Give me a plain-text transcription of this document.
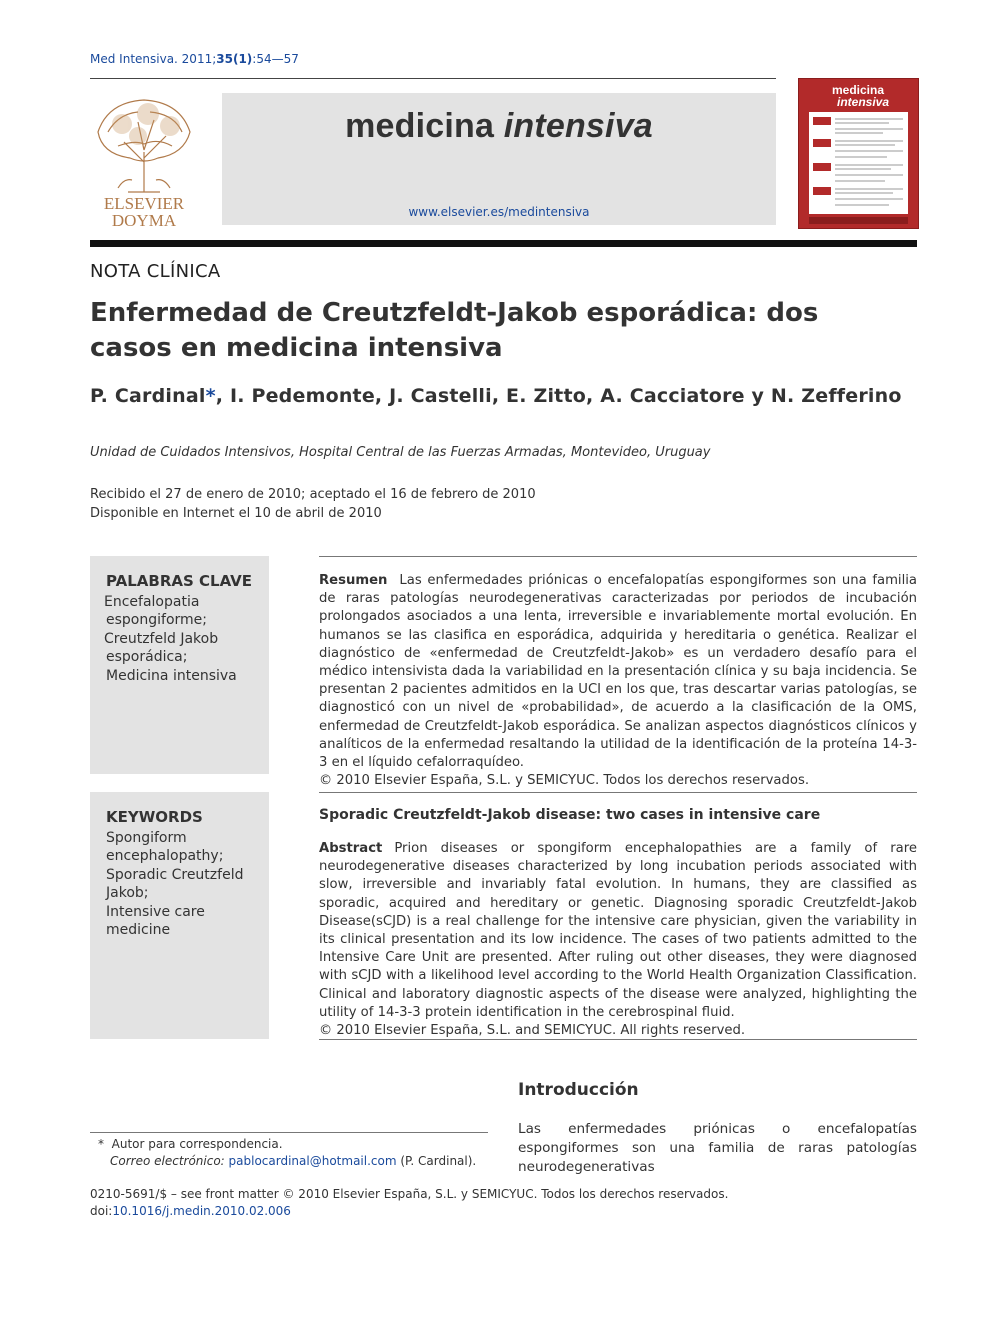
Med Intensiva. 2011;35(1):54—57
ELSEVIER
DOYMA
medicina intensiva
www.elsevier.es/medintensiva
medicina
intensiva
NOTA CLÍNICA
Enfermedad de Creutzfeldt-Jakob esporádica: dos casos en medicina intensiva
P. Cardinal*, I. Pedemonte, J. Castelli, E. Zitto, A. Cacciatore y N. Zefferino
Unidad de Cuidados Intensivos, Hospital Central de las Fuerzas Armadas, Montevideo, Uruguay
Recibido el 27 de enero de 2010; aceptado el 16 de febrero de 2010
Disponible en Internet el 10 de abril de 2010
PALABRAS CLAVE
Encefalopatia
espongiforme;
Creutzfeld Jakob
esporádica;
Medicina intensiva
KEYWORDS
Spongiform
encephalopathy;
Sporadic Creutzfeld
Jakob;
Intensive care
medicine
Resumen Las enfermedades priónicas o encefalopatías espongiformes son una familia de raras patologías neurodegenerativas caracterizadas por periodos de incubación prolongados asociados a una lenta, irreversible e invariablemente mortal evolución. En humanos se las clasifica en esporádica, adquirida y hereditaria o genética. Realizar el diagnóstico de «enfermedad de Creutzfeldt-Jakob» es un verdadero desafío para el médico intensivista dada la variabilidad en la presentación clínica y su baja incidencia. Se presentan 2 pacientes admitidos en la UCI en los que, tras descartar varias patologías, se diagnosticó con un nivel de «probabilidad», de acuerdo a la clasificación de la OMS, enfermedad de Creutzfeldt-Jakob esporádica. Se analizan aspectos diagnósticos clínicos y analíticos de la enfermedad resaltando la utilidad de la identificación de la proteína 14-3-3 en el líquido cefalorraquídeo.
© 2010 Elsevier España, S.L. y SEMICYUC. Todos los derechos reservados.
Sporadic Creutzfeldt-Jakob disease: two cases in intensive care
Abstract Prion diseases or spongiform encephalopathies are a family of rare neurodegenerative diseases characterized by long incubation periods associated with slow, irreversible and invariably fatal evolution. In humans, they are classified as sporadic, acquired and hereditary or genetic. Diagnosing sporadic Creutzfeldt-Jakob Disease(sCJD) is a real challenge for the intensive care physician, given the variability in its clinical presentation and its low incidence. The cases of two patients admitted to the Intensive Care Unit are presented. After ruling out other diseases, they were diagnosed with sCJD with a likelihood level according to the World Health Organization Classification. Clinical and laboratory diagnostic aspects of the disease were analyzed, highlighting the utility of 14-3-3 protein identification in the cerebrospinal fluid.
© 2010 Elsevier España, S.L. and SEMICYUC. All rights reserved.
Introducción
Las enfermedades priónicas o encefalopatías espongiformes son una familia de raras patologías neurodegenerativas
* Autor para correspondencia.
Correo electrónico: pablocardinal@hotmail.com (P. Cardinal).
0210-5691/$ – see front matter © 2010 Elsevier España, S.L. y SEMICYUC. Todos los derechos reservados.
doi:10.1016/j.medin.2010.02.006
